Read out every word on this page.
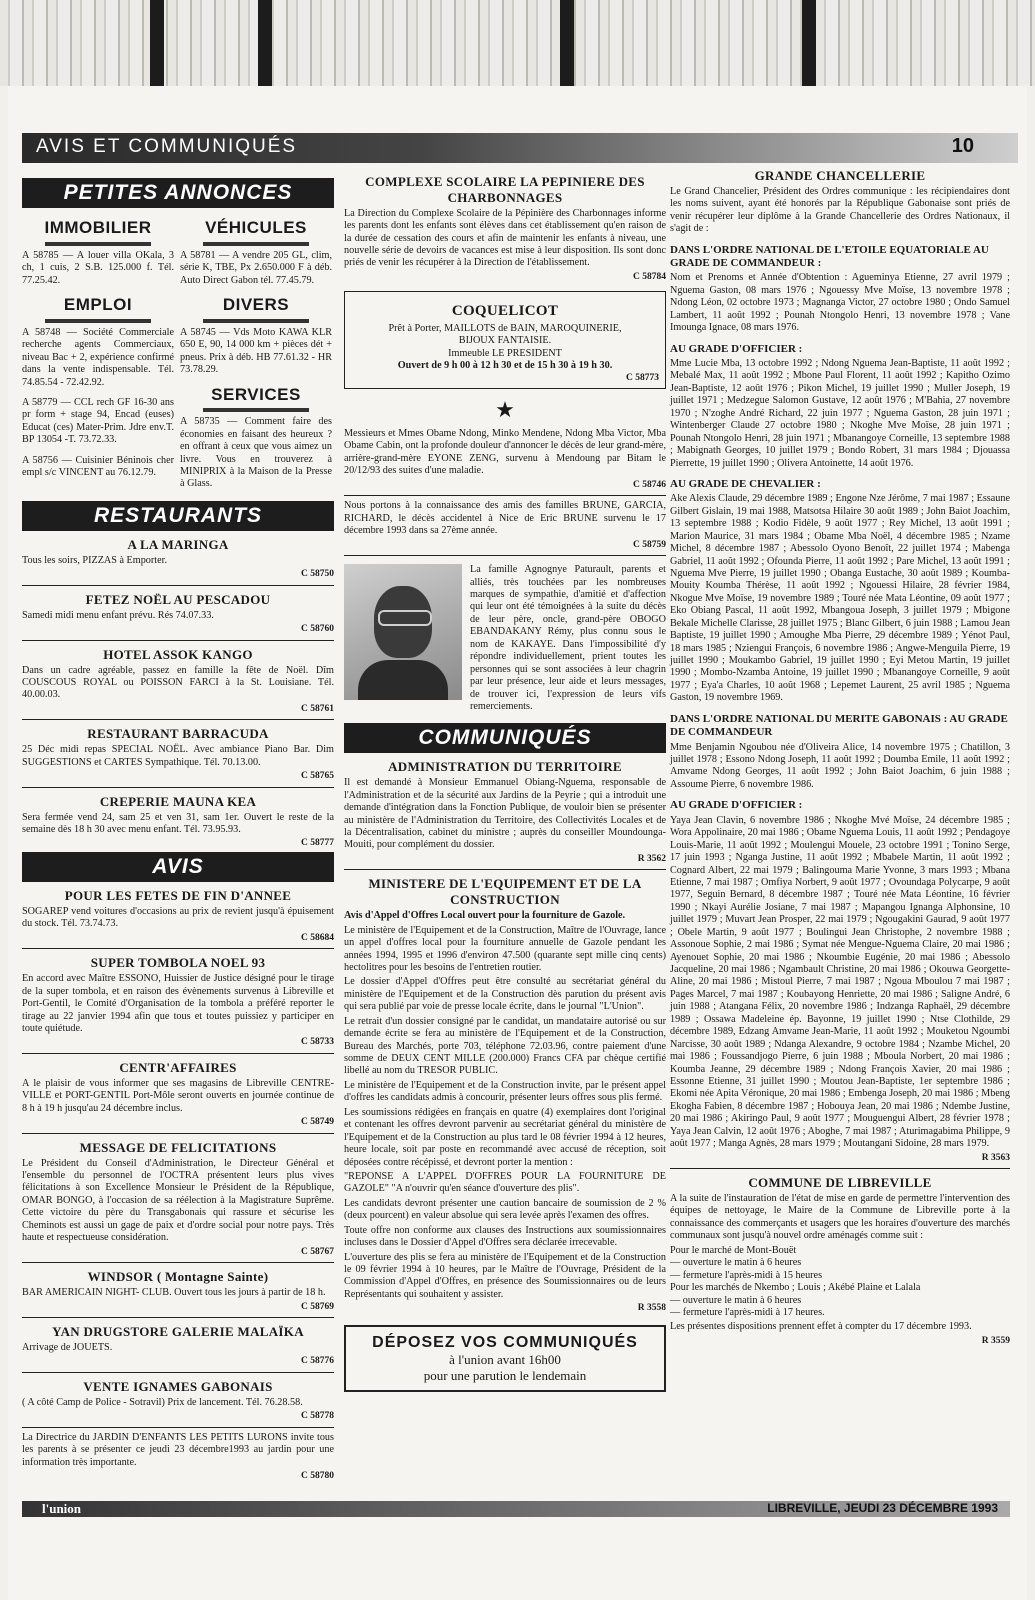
AVIS ET COMMUNIQUÉS	10
PETITES ANNONCES
IMMOBILIER
A 58785 — A louer villa OKala, 3 ch, 1 cuis, 2 S.B. 125.000 f. Tél. 77.25.42.
EMPLOI
A 58748 — Société Commerciale recherche agents Commerciaux, niveau Bac + 2, expérience confirmé dans la vente indispensable. Tél. 74.85.54 - 72.42.92.
A 58779 — CCL rech GF 16-30 ans pr form + stage 94, Encad (euses) Educat (ces) Mater-Prim. Jdre env.T. BP 13054 -T. 73.72.33.
A 58756 — Cuisinier Béninois cher empl s/c VINCENT au 76.12.79.
VÉHICULES
A 58781 — A vendre 205 GL, clim, série K, TBE, Px 2.650.000 F à déb. Auto Direct Gabon tél. 77.45.79.
DIVERS
A 58745 — Vds Moto KAWA KLR 650 E, 90, 14 000 km + pièces dét + pneus. Prix à déb. HB 77.61.32 - HR 73.78.29.
SERVICES
A 58735 — Comment faire des économies en faisant des heureux ? en offrant à ceux que vous aimez un livre. Vous en trouverez à MINIPRIX à la Maison de la Presse à Glass.
RESTAURANTS
A LA MARINGA
Tous les soirs, PIZZAS à Emporter.
C 58750
FETEZ NOËL AU PESCADOU
Samedi midi menu enfant prévu. Rés 74.07.33.
C 58760
HOTEL ASSOK KANGO
Dans un cadre agréable, passez en famille la fête de Noël. Dîm COUSCOUS ROYAL ou POISSON FARCI à la St. Louisiane. Tél. 40.00.03.
C 58761
RESTAURANT BARRACUDA
25 Déc midi repas SPECIAL NOËL. Avec ambiance Piano Bar. Dim SUGGESTIONS et CARTES Sympathique. Tél. 70.13.00.
C 58765
CREPERIE MAUNA KEA
Sera fermée vend 24, sam 25 et ven 31, sam 1er. Ouvert le reste de la semaine dès 18 h 30 avec menu enfant. Tél. 73.95.93.
C 58777
AVIS
POUR LES FETES DE FIN D'ANNEE
SOGAREP vend voitures d'occasions au prix de revient jusqu'à épuisement du stock. Tél. 73.74.73.
C 58684
SUPER TOMBOLA NOEL 93
En accord avec Maître ESSONO, Huissier de Justice désigné pour le tirage de la super tombola, et en raison des évènements survenus à Libreville et Port-Gentil, le Comité d'Organisation de la tombola a préféré reporter le tirage au 22 janvier 1994 afin que tous et toutes puissiez y participer en toute quiétude.
C 58733
CENTR'AFFAIRES
A le plaisir de vous informer que ses magasins de Libreville CENTRE-VILLE et PORT-GENTIL Port-Môle seront ouverts en journée continue de 8 h à 19 h jusqu'au 24 décembre inclus.
C 58749
MESSAGE DE FELICITATIONS
Le Président du Conseil d'Administration, le Directeur Général et l'ensemble du personnel de l'OCTRA présentent leurs plus vives félicitations à son Excellence Monsieur le Président de la République, OMAR BONGO, à l'occasion de sa réélection à la Magistrature Suprême. Cette victoire du père du Transgabonais qui rassure et sécurise les Cheminots est aussi un gage de paix et d'ordre social pour notre pays. Très haute et respectueuse considération.
C 58767
WINDSOR ( Montagne Sainte)
BAR AMERICAIN NIGHT- CLUB. Ouvert tous les jours à partir de 18 h.
C 58769
YAN DRUGSTORE GALERIE MALAÏKA
Arrivage de JOUETS.
C 58776
VENTE IGNAMES GABONAIS
( A côté Camp de Police - Sotravil) Prix de lancement. Tél. 76.28.58.
C 58778
La Directrice du JARDIN D'ENFANTS LES PETITS LURONS invite tous les parents à se présenter ce jeudi 23 décembre1993 au jardin pour une information très importante.
C 58780
COMPLEXE SCOLAIRE LA PEPINIERE DES CHARBONNAGES
La Direction du Complexe Scolaire de la Pépinière des Charbonnages informe les parents dont les enfants sont élèves dans cet établissement qu'en raison de la durée de cessation des cours et afin de maintenir les enfants à niveau, une nouvelle série de devoirs de vacances est mise à leur disposition. Ils sont donc priés de venir les récupérer à la Direction de l'établissement.
C 58784
COQUELICOT
Prêt à Porter, MAILLOTS de BAIN, MAROQUINERIE,
BIJOUX FANTAISIE.
Immeuble LE PRESIDENT
Ouvert de 9 h 00 à 12 h 30 et de 15 h 30 à 19 h 30.
C 58773
★
Messieurs et Mmes Obame Ndong, Minko Mendene, Ndong Mba Victor, Mba Obame Cabin, ont la profonde douleur d'annoncer le décès de leur grand-mère, arrière-grand-mère EYONE ZENG, survenu à Mendoung par Bitam le 20/12/93 des suites d'une maladie.
C 58746
Nous portons à la connaissance des amis des familles BRUNE, GARCIA, RICHARD, le décès accidentel à Nice de Eric BRUNE survenu le 17 décembre 1993 dans sa 27ème année.
C 58759
La famille Agnognye Paturault, parents et alliés, très touchées par les nombreuses marques de sympathie, d'amitié et d'affection qui leur ont été témoignées à la suite du décès de leur père, oncle, grand-père OBOGO EBANDAKANY Rémy, plus connu sous le nom de KAKAYE. Dans l'impossibilité d'y répondre individuellement, prient toutes les personnes qui se sont associées à leur chagrin par leur présence, leur aide et leurs messages, de trouver ici, l'expression de leurs vifs remerciements.
COMMUNIQUÉS
ADMINISTRATION DU TERRITOIRE
Il est demandé à Monsieur Emmanuel Obiang-Nguema, responsable de l'Administration et de la sécurité aux Jardins de la Peyrie ; qui a introduit une demande d'intégration dans la Fonction Publique, de vouloir bien se présenter au ministère de l'Administration du Territoire, des Collectivités Locales et de la Décentralisation, cabinet du ministre ; auprès du conseiller Moundounga-Mouiti, pour complément du dossier.
R 3562
MINISTERE DE L'EQUIPEMENT ET DE LA CONSTRUCTION
Avis d'Appel d'Offres Local ouvert pour la fourniture de Gazole.
Le ministère de l'Equipement et de la Construction, Maître de l'Ouvrage, lance un appel d'offres local pour la fourniture annuelle de Gazole pendant les années 1994, 1995 et 1996 d'environ 47.500 (quarante sept mille cinq cents) hectolitres pour les besoins de l'entretien routier.
Le dossier d'Appel d'Offres peut être consulté au secrétariat général du ministère de l'Equipement et de la Construction dès parution du présent avis qui sera publié par voie de presse locale écrite, dans le journal "L'Union".
Le retrait d'un dossier consigné par le candidat, un mandataire autorisé ou sur demande écrite se fera au ministère de l'Equipement et de la Construction, Bureau des Marchés, porte 703, téléphone 72.03.96, contre paiement d'une somme de DEUX CENT MILLE (200.000) Francs CFA par chèque certifié libellé au nom du TRESOR PUBLIC.
Le ministère de l'Equipement et de la Construction invite, par le présent appel d'offres les candidats admis à concourir, présenter leurs offres sous plis fermé.
Les soumissions rédigées en français en quatre (4) exemplaires dont l'original et contenant les offres devront parvenir au secrétariat général du ministère de l'Equipement et de la Construction au plus tard le 08 février 1994 à 12 heures, heure locale, soit par poste en recommandé avec accusé de réception, soit déposées contre récépissé, et devront porter la mention :
"REPONSE A L'APPEL D'OFFRES POUR LA FOURNITURE DE GAZOLE" "A n'ouvrir qu'en séance d'ouverture des plis".
Les candidats devront présenter une caution bancaire de soumission de 2 % (deux pourcent) en valeur absolue qui sera levée après l'examen des offres.
Toute offre non conforme aux clauses des Instructions aux soumissionnaires incluses dans le Dossier d'Appel d'Offres sera déclarée irrecevable.
L'ouverture des plis se fera au ministère de l'Equipement et de la Construction le 09 février 1994 à 10 heures, par le Maître de l'Ouvrage, Président de la Commission d'Appel d'Offres, en présence des Soumissionnaires ou de leurs Représentants qui souhaitent y assister.
R 3558
DÉPOSEZ VOS COMMUNIQUÉS
à l'union avant 16h00
pour une parution le lendemain
GRANDE CHANCELLERIE
Le Grand Chancelier, Président des Ordres communique : les récipiendaires dont les noms suivent, ayant été honorés par la République Gabonaise sont priés de venir récupérer leur diplôme à la Grande Chancellerie des Ordres Nationaux, il s'agit de :
DANS L'ORDRE NATIONAL DE L'ETOILE EQUATORIALE AU GRADE DE COMMANDEUR :
Nom et Prenoms et Année d'Obtention : Agueminya Etienne, 27 avril 1979 ; Nguema Gaston, 08 mars 1976 ; Ngouessy Mve Moïse, 13 novembre 1978 ; Ndong Léon, 02 octobre 1973 ; Magnanga Victor, 27 octobre 1980 ; Ondo Samuel Lambert, 11 août 1992 ; Pounah Ntongolo Henri, 13 novembre 1978 ; Vane Imounga Ignace, 08 mars 1976.
AU GRADE D'OFFICIER :
Mme Lucie Mba, 13 octobre 1992 ; Ndong Nguema Jean-Baptiste, 11 août 1992 ; Mebalé Max, 11 août 1992 ; Mbone Paul Florent, 11 août 1992 ; Kapitho Ozimo Jean-Baptiste, 12 août 1976 ; Pikon Michel, 19 juillet 1990 ; Muller Joseph, 19 juillet 1971 ; Medzegue Salomon Gustave, 12 août 1976 ; M'Bahia, 27 novembre 1970 ; N'zoghe André Richard, 22 juin 1977 ; Nguema Gaston, 28 juin 1971 ; Wintenberger Claude 27 octobre 1980 ; Nkoghe Mve Moïse, 28 juin 1971 ; Pounah Ntongolo Henri, 28 juin 1971 ; Mbanangoye Corneille, 13 septembre 1988 ; Mabignath Georges, 10 juillet 1979 ; Bondo Robert, 31 mars 1984 ; Djouassa Pierrette, 19 juillet 1990 ; Olivera Antoinette, 14 août 1976.
AU GRADE DE CHEVALIER :
Ake Alexis Claude, 29 décembre 1989 ; Engone Nze Jérôme, 7 mai 1987 ; Essaune Gilbert Gislain, 19 mai 1988, Matsotsa Hilaire 30 août 1989 ; John Baiot Joachim, 13 septembre 1988 ; Kodio Fidèle, 9 août 1977 ; Rey Michel, 13 août 1991 ; Marion Maurice, 31 mars 1984 ; Obame Mba Noël, 4 décembre 1985 ; Nzame Michel, 8 décembre 1987 ; Abessolo Oyono Benoît, 22 juillet 1974 ; Mabenga Gabriel, 11 août 1992 ; Ofounda Pierre, 11 août 1992 ; Pare Michel, 13 août 1991 ; Nguema Mve Pierre, 19 juillet 1990 ; Obanga Eustache, 30 août 1989 ; Koumba-Mouity Koumba Thérèse, 11 août 1992 ; Ngouessi Hilaire, 28 février 1984, Nkogue Mve Moïse, 19 novembre 1989 ; Touré née Mata Léontine, 09 août 1977 ; Eko Obiang Pascal, 11 août 1992, Mbangoua Joseph, 3 juillet 1979 ; Mbigone Bekale Michelle Clarisse, 28 juillet 1975 ; Blanc Gilbert, 6 juin 1988 ; Lamou Jean Baptiste, 19 juillet 1990 ; Amoughe Mba Pierre, 29 décembre 1989 ; Yénot Paul, 18 mars 1985 ; Nziengui François, 6 novembre 1986 ; Angwe-Menguila Pierre, 19 juillet 1990 ; Moukambo Gabriel, 19 juillet 1990 ; Eyi Metou Martin, 19 juillet 1990 ; Mombo-Nzamba Antoine, 19 juillet 1990 ; Mbanangoye Corneille, 9 août 1977 ; Eya'a Charles, 10 août 1968 ; Lepemet Laurent, 25 avril 1985 ; Nguema Gaston, 19 novembre 1969.
DANS L'ORDRE NATIONAL DU MERITE GABONAIS : AU GRADE DE COMMANDEUR
Mme Benjamin Ngoubou née d'Oliveira Alice, 14 novembre 1975 ; Chatillon, 3 juillet 1978 ; Essono Ndong Joseph, 11 août 1992 ; Doumba Emile, 11 août 1992 ; Amvame Ndong Georges, 11 août 1992 ; John Baiot Joachim, 6 juin 1988 ; Assoume Pierre, 6 novembre 1986.
AU GRADE D'OFFICIER :
Yaya Jean Clavin, 6 novembre 1986 ; Nkoghe Mvé Moïse, 24 décembre 1985 ; Wora Appolinaire, 20 mai 1986 ; Obame Nguema Louis, 11 août 1992 ; Pendagoye Louis-Marie, 11 août 1992 ; Moulengui Mouele, 23 octobre 1991 ; Tonino Serge, 17 juin 1993 ; Nganga Justine, 11 août 1992 ; Mbabele Martin, 11 août 1992 ; Cognard Albert, 22 mai 1979 ; Balingouma Marie Yvonne, 3 mars 1993 ; Mbana Etienne, 7 mai 1987 ; Omfiya Norbert, 9 août 1977 ; Ovoundaga Polycarpe, 9 août 1977, Seguin Bernard, 8 décembre 1987 ; Touré née Mata Léontine, 16 février 1990 ; Nkayi Aurélie Josiane, 7 mai 1987 ; Mapangou Ignanga Alphonsine, 10 juillet 1979 ; Muvart Jean Prosper, 22 mai 1979 ; Ngougakini Gaurad, 9 août 1977 ; Obele Martin, 9 août 1977 ; Boulingui Jean Christophe, 2 novembre 1988 ; Assonoue Sophie, 2 mai 1986 ; Symat née Mengue-Nguema Claire, 20 mai 1986 ; Ayenouet Sophie, 20 mai 1986 ; Nkoumbie Eugénie, 20 mai 1986 ; Abessolo Jacqueline, 20 mai 1986 ; Ngambault Christine, 20 mai 1986 ; Okouwa Georgette-Aline, 20 mai 1986 ; Mistoul Pierre, 7 mai 1987 ; Ngoua Mboulou 7 mai 1987 ; Pages Marcel, 7 mai 1987 ; Koubayong Henriette, 20 mai 1986 ; Saligne André, 6 juin 1988 ; Atangana Félix, 20 novembre 1986 ; Indzanga Raphaël, 29 décembre 1989 ; Ossawa Madeleine ép. Bayonne, 19 juillet 1990 ; Ntse Clothilde, 29 décembre 1989, Edzang Amvame Jean-Marie, 11 août 1992 ; Mouketou Ngoumbi Narcisse, 30 août 1989 ; Ndanga Alexandre, 9 octobre 1984 ; Nzambe Michel, 20 mai 1986 ; Foussandjogo Pierre, 6 juin 1988 ; Mboula Norbert, 20 mai 1986 ; Koumba Jeanne, 29 décembre 1989 ; Ndong François Xavier, 20 mai 1986 ; Essonne Etienne, 31 juillet 1990 ; Moutou Jean-Baptiste, 1er septembre 1986 ; Ekomi née Apita Véronique, 20 mai 1986 ; Embenga Joseph, 20 mai 1986 ; Mbeng Ekogha Fabien, 8 décembre 1987 ; Hobouya Jean, 20 mai 1986 ; Ndembe Justine, 20 mai 1986 ; Akiringo Paul, 9 août 1977 ; Mouguengui Albert, 28 février 1978 ; Yaya Jean Calvin, 12 août 1976 ; Aboghe, 7 mai 1987 ; Aturimagabima Philippe, 9 août 1977 ; Manga Agnès, 28 mars 1979 ; Moutangani Sidoine, 28 mars 1979.
R 3563
COMMUNE DE LIBREVILLE
A la suite de l'instauration de l'état de mise en garde de permettre l'intervention des équipes de nettoyage, le Maire de la Commune de Libreville porte à la connaissance des commerçants et usagers que les horaires d'ouverture des marchés communaux sont jusqu'à nouvel ordre aménagés comme suit :
Pour le marché de Mont-Bouët
— ouverture le matin à 6 heures
— fermeture l'après-midi à 15 heures
Pour les marchés de Nkembo ; Louis ; Akébé Plaine et Lalala
— ouverture le matin à 6 heures
— fermeture l'après-midi à 17 heures.
Les présentes dispositions prennent effet à compter du 17 décembre 1993.
R 3559
l'union	LIBREVILLE, JEUDI 23 DÉCEMBRE 1993
